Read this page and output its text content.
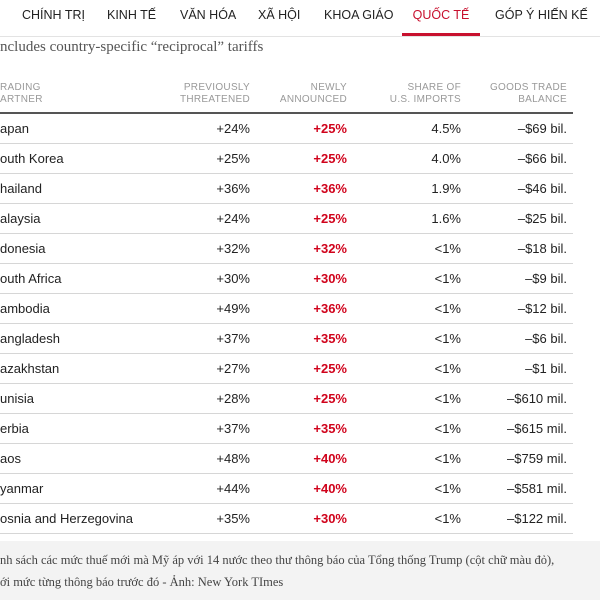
CHÍNH TRỊ KINH TẾ VĂN HÓA XÃ HỘI KHOA GIÁO	QUỐC TẾ	GÓP Ý HIẾN KẾ
ncludes country-specific “reciprocal” tariffs
RADING
ARTNER
PREVIOUSLY
THREATENED
NEWLY
ANNOUNCED
SHARE OF
U.S. IMPORTS
GOODS TRADE
BALANCE
apan	+24%	+25%	4.5%	–$69 bil.
outh Korea	+25%	+25%	4.0%	–$66 bil.
hailand	+36%	+36%	1.9%	–$46 bil.
alaysia	+24%	+25%	1.6%	–$25 bil.
donesia	+32%	+32%	<1%	–$18 bil.
outh Africa	+30%	+30%	<1%	–$9 bil.
ambodia	+49%	+36%	<1%	–$12 bil.
angladesh	+37%	+35%	<1%	–$6 bil.
azakhstan	+27%	+25%	<1%	–$1 bil.
unisia	+28%	+25%	<1%	–$610 mil.
erbia	+37%	+35%	<1%	–$615 mil.
aos	+48%	+40%	<1%	–$759 mil.
yanmar	+44%	+40%	<1%	–$581 mil.
osnia and Herzegovina	+35%	+30%	<1%	–$122 mil.
nh sách các mức thuế mới mà Mỹ áp với 14 nước theo thư thông báo của Tổng thống Trump (cột chữ màu đỏ),
ới mức từng thông báo trước đó - Ảnh: New York TImes
